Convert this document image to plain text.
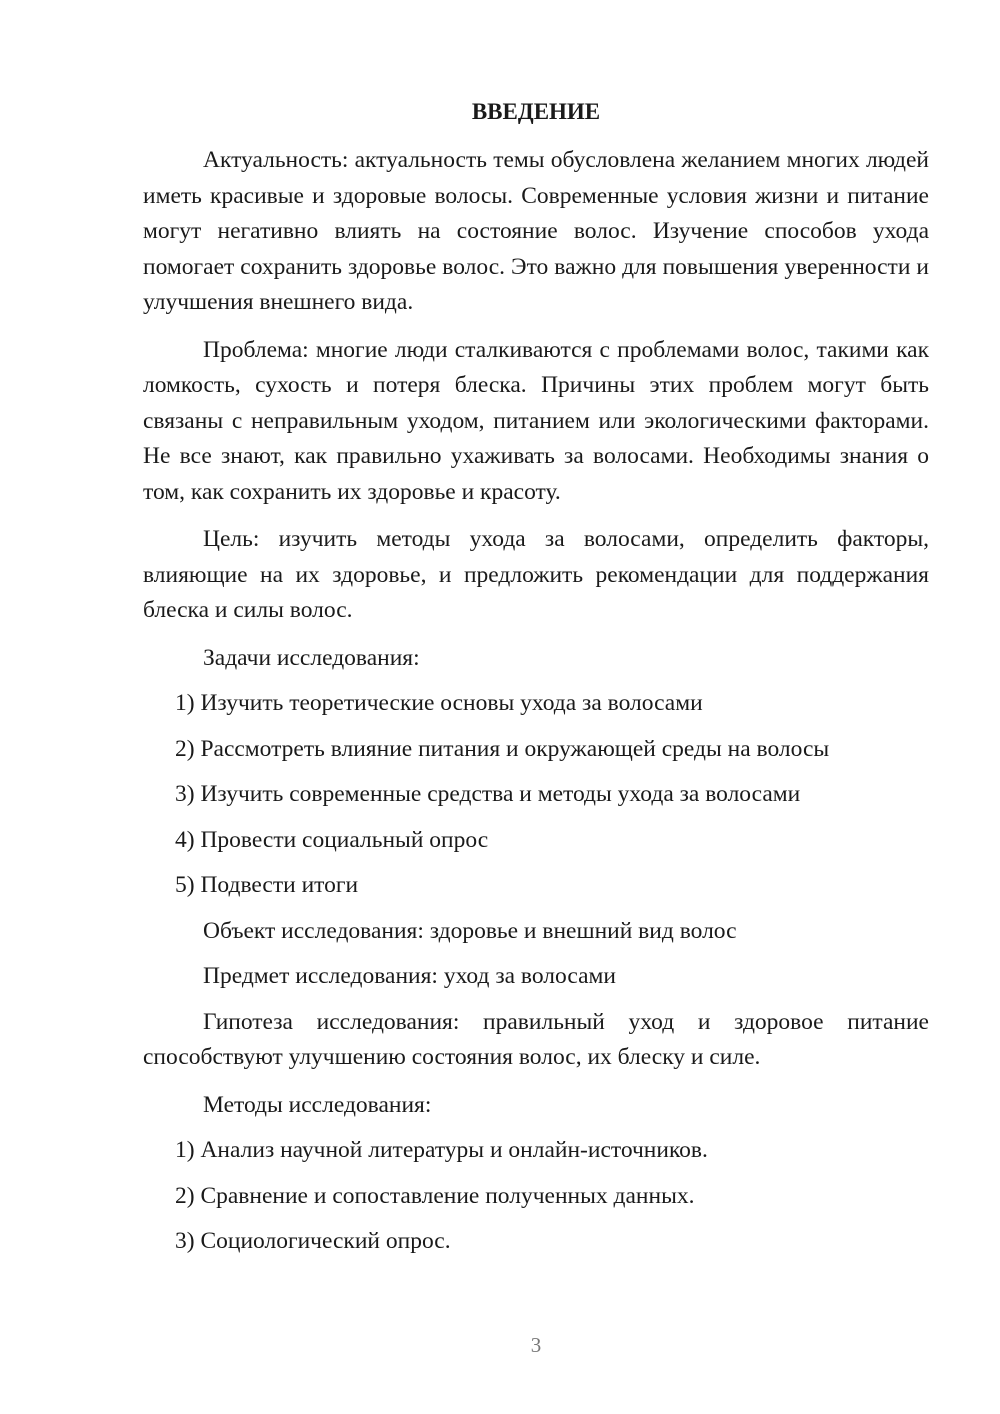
ВВЕДЕНИЕ

Актуальность: актуальность темы обусловлена желанием многих людей иметь красивые и здоровые волосы. Современные условия жизни и питание могут негативно влиять на состояние волос. Изучение способов ухода помогает сохранить здоровье волос. Это важно для повышения уверенности и улучшения внешнего вида.

Проблема: многие люди сталкиваются с проблемами волос, такими как ломкость, сухость и потеря блеска. Причины этих проблем могут быть связаны с неправильным уходом, питанием или экологическими факторами. Не все знают, как правильно ухаживать за волосами. Необходимы знания о том, как сохранить их здоровье и красоту.

Цель: изучить методы ухода за волосами, определить факторы, влияющие на их здоровье, и предложить рекомендации для поддержания блеска и силы волос.

Задачи исследования:

1) Изучить теоретические основы ухода за волосами
2) Рассмотреть влияние питания и окружающей среды на волосы
3) Изучить современные средства и методы ухода за волосами
4) Провести социальный опрос
5) Подвести итоги

Объект исследования: здоровье и внешний вид волос

Предмет исследования: уход за волосами

Гипотеза исследования: правильный уход и здоровое питание способствуют улучшению состояния волос, их блеску и силе.

Методы исследования:

1) Анализ научной литературы и онлайн-источников.
2) Сравнение и сопоставление полученных данных.
3) Социологический опрос.
3
